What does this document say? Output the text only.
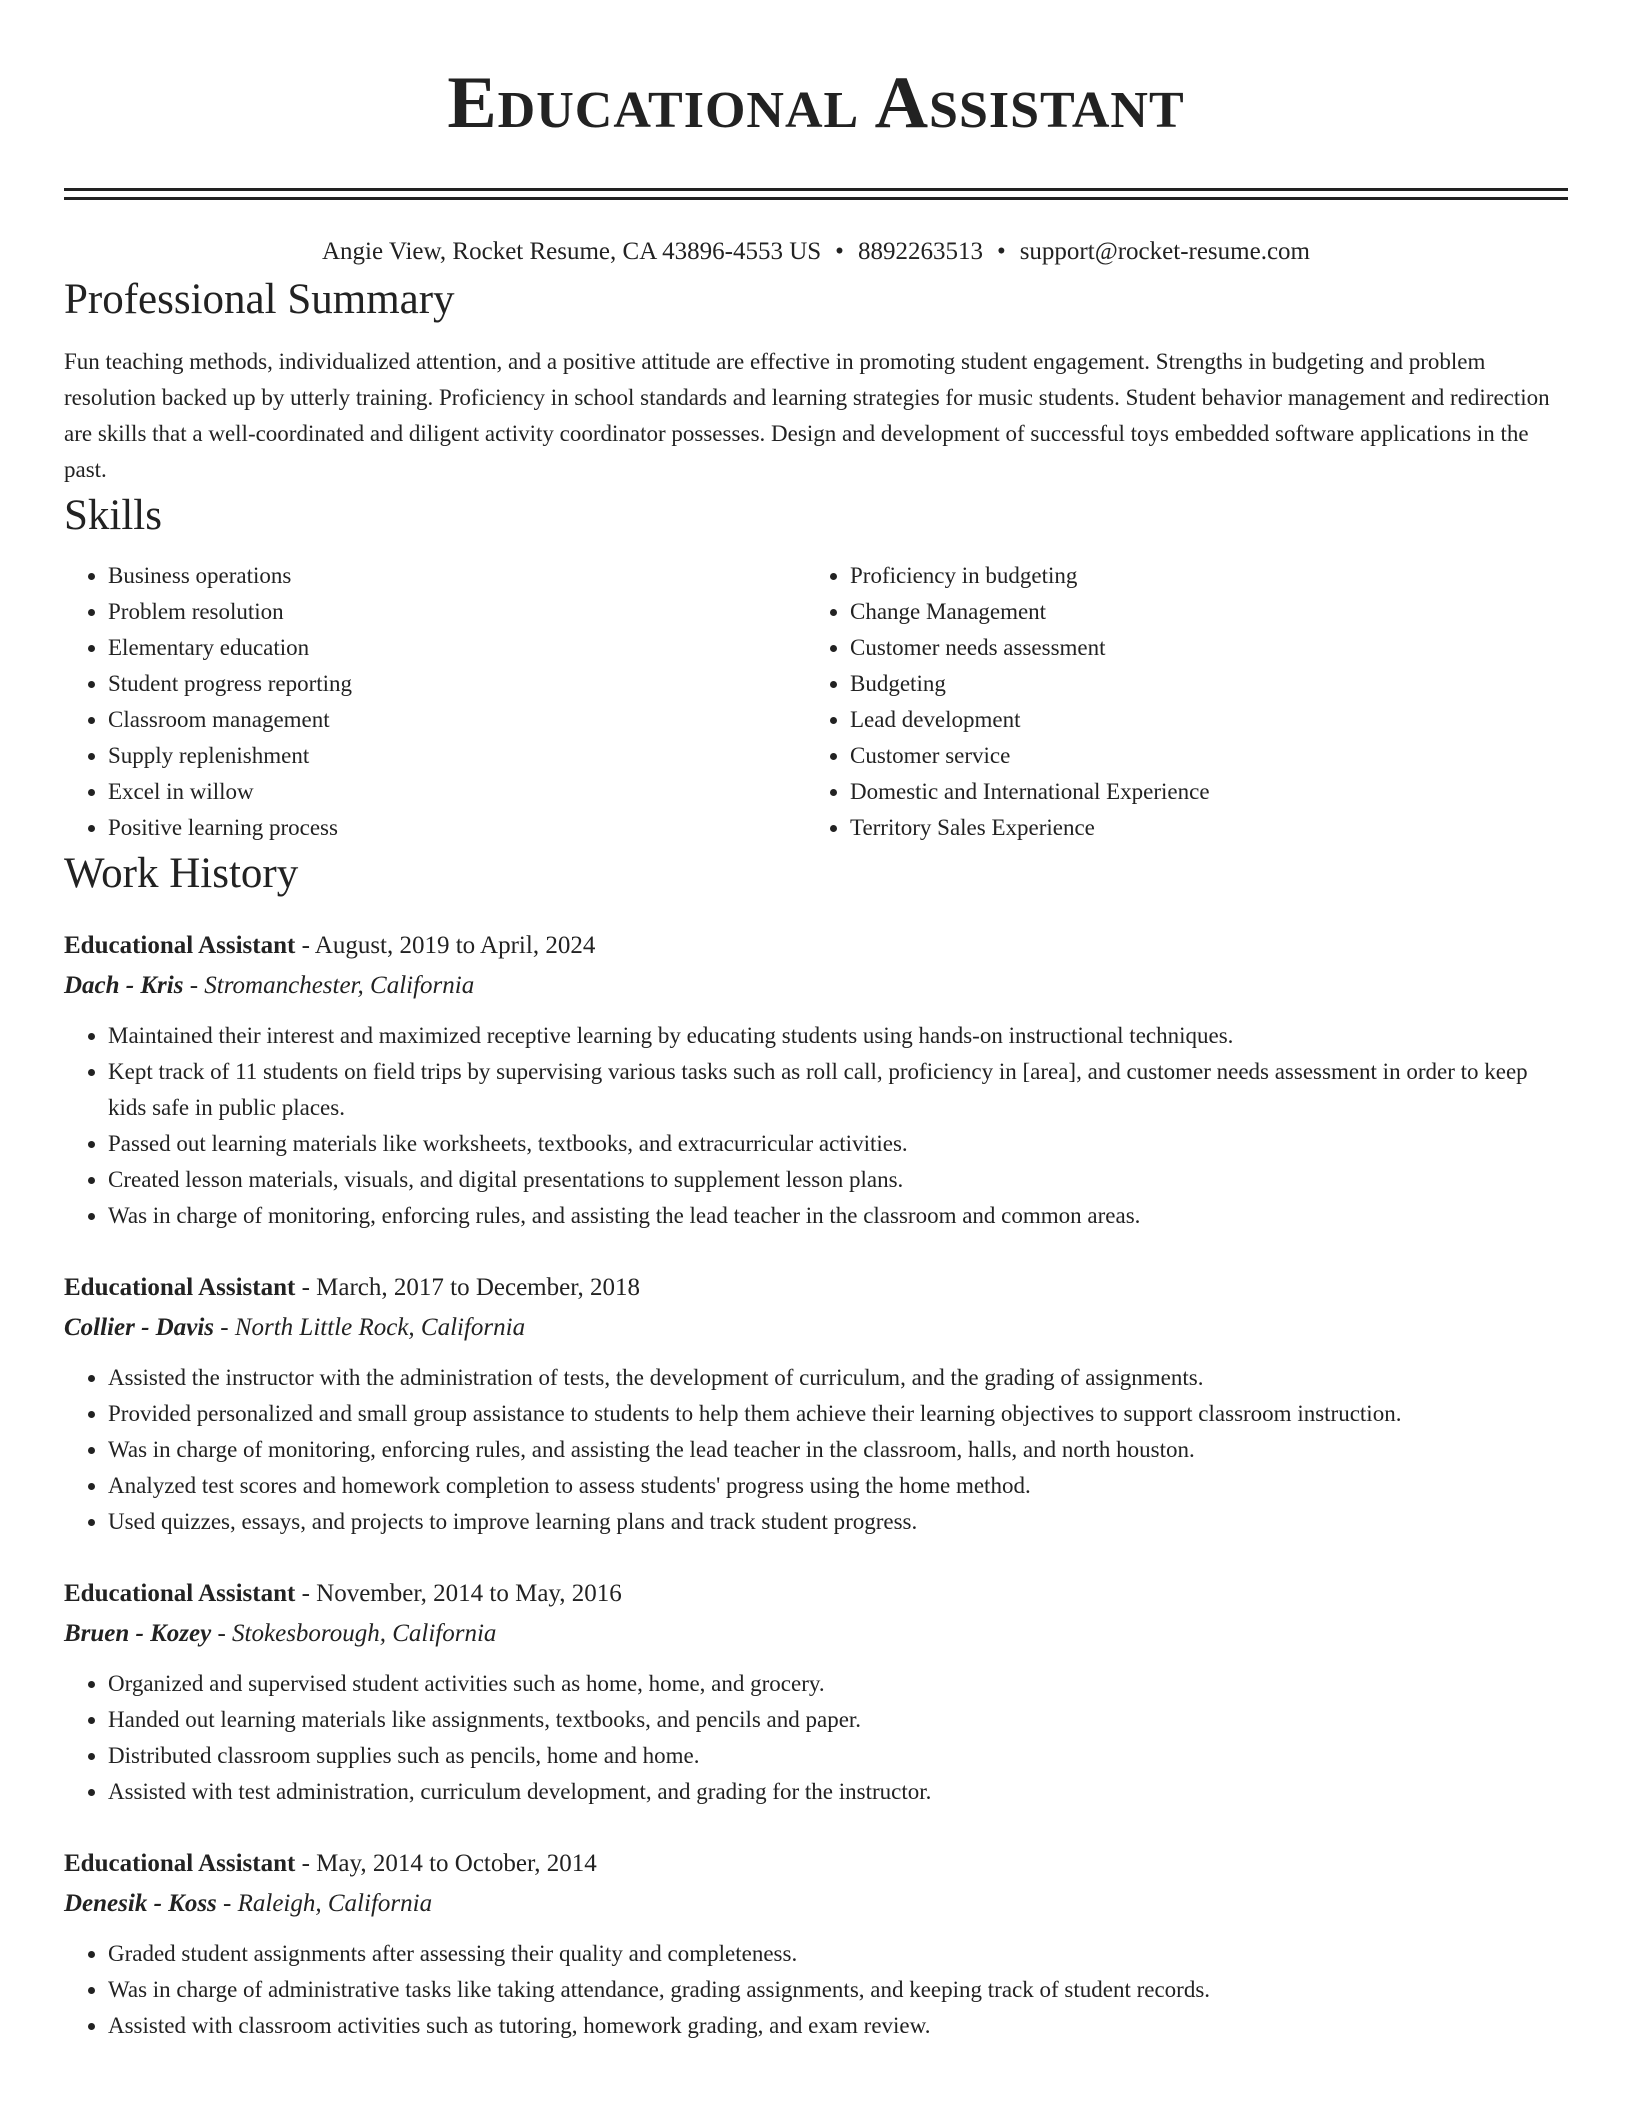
Educational Assistant
Angie View, Rocket Resume, CA 43896-4553 US • 8892263513 • support@rocket-resume.com
Professional Summary

Fun teaching methods, individualized attention, and a positive attitude are effective in promoting student engagement. Strengths in budgeting and problem resolution backed up by utterly training. Proficiency in school standards and learning strategies for music students. Student behavior management and redirection are skills that a well-coordinated and diligent activity coordinator possesses. Design and development of successful toys embedded software applications in the past.

Skills
• Business operations
• Problem resolution
• Elementary education
• Student progress reporting
• Classroom management
• Supply replenishment
• Excel in willow
• Positive learning process
• Proficiency in budgeting
• Change Management
• Customer needs assessment
• Budgeting
• Lead development
• Customer service
• Domestic and International Experience
• Territory Sales Experience
Work History
Educational Assistant - August, 2019 to April, 2024
Dach - Kris - Stromanchester, California
• Maintained their interest and maximized receptive learning by educating students using hands-on instructional techniques.
• Kept track of 11 students on field trips by supervising various tasks such as roll call, proficiency in [area], and customer needs assessment in order to keep kids safe in public places.
• Passed out learning materials like worksheets, textbooks, and extracurricular activities.
• Created lesson materials, visuals, and digital presentations to supplement lesson plans.
• Was in charge of monitoring, enforcing rules, and assisting the lead teacher in the classroom and common areas.
Educational Assistant - March, 2017 to December, 2018
Collier - Davis - North Little Rock, California
• Assisted the instructor with the administration of tests, the development of curriculum, and the grading of assignments.
• Provided personalized and small group assistance to students to help them achieve their learning objectives to support classroom instruction.
• Was in charge of monitoring, enforcing rules, and assisting the lead teacher in the classroom, halls, and north houston.
• Analyzed test scores and homework completion to assess students' progress using the home method.
• Used quizzes, essays, and projects to improve learning plans and track student progress.
Educational Assistant - November, 2014 to May, 2016
Bruen - Kozey - Stokesborough, California
• Organized and supervised student activities such as home, home, and grocery.
• Handed out learning materials like assignments, textbooks, and pencils and paper.
• Distributed classroom supplies such as pencils, home and home.
• Assisted with test administration, curriculum development, and grading for the instructor.
Educational Assistant - May, 2014 to October, 2014
Denesik - Koss - Raleigh, California
• Graded student assignments after assessing their quality and completeness.
• Was in charge of administrative tasks like taking attendance, grading assignments, and keeping track of student records.
• Assisted with classroom activities such as tutoring, homework grading, and exam review.
